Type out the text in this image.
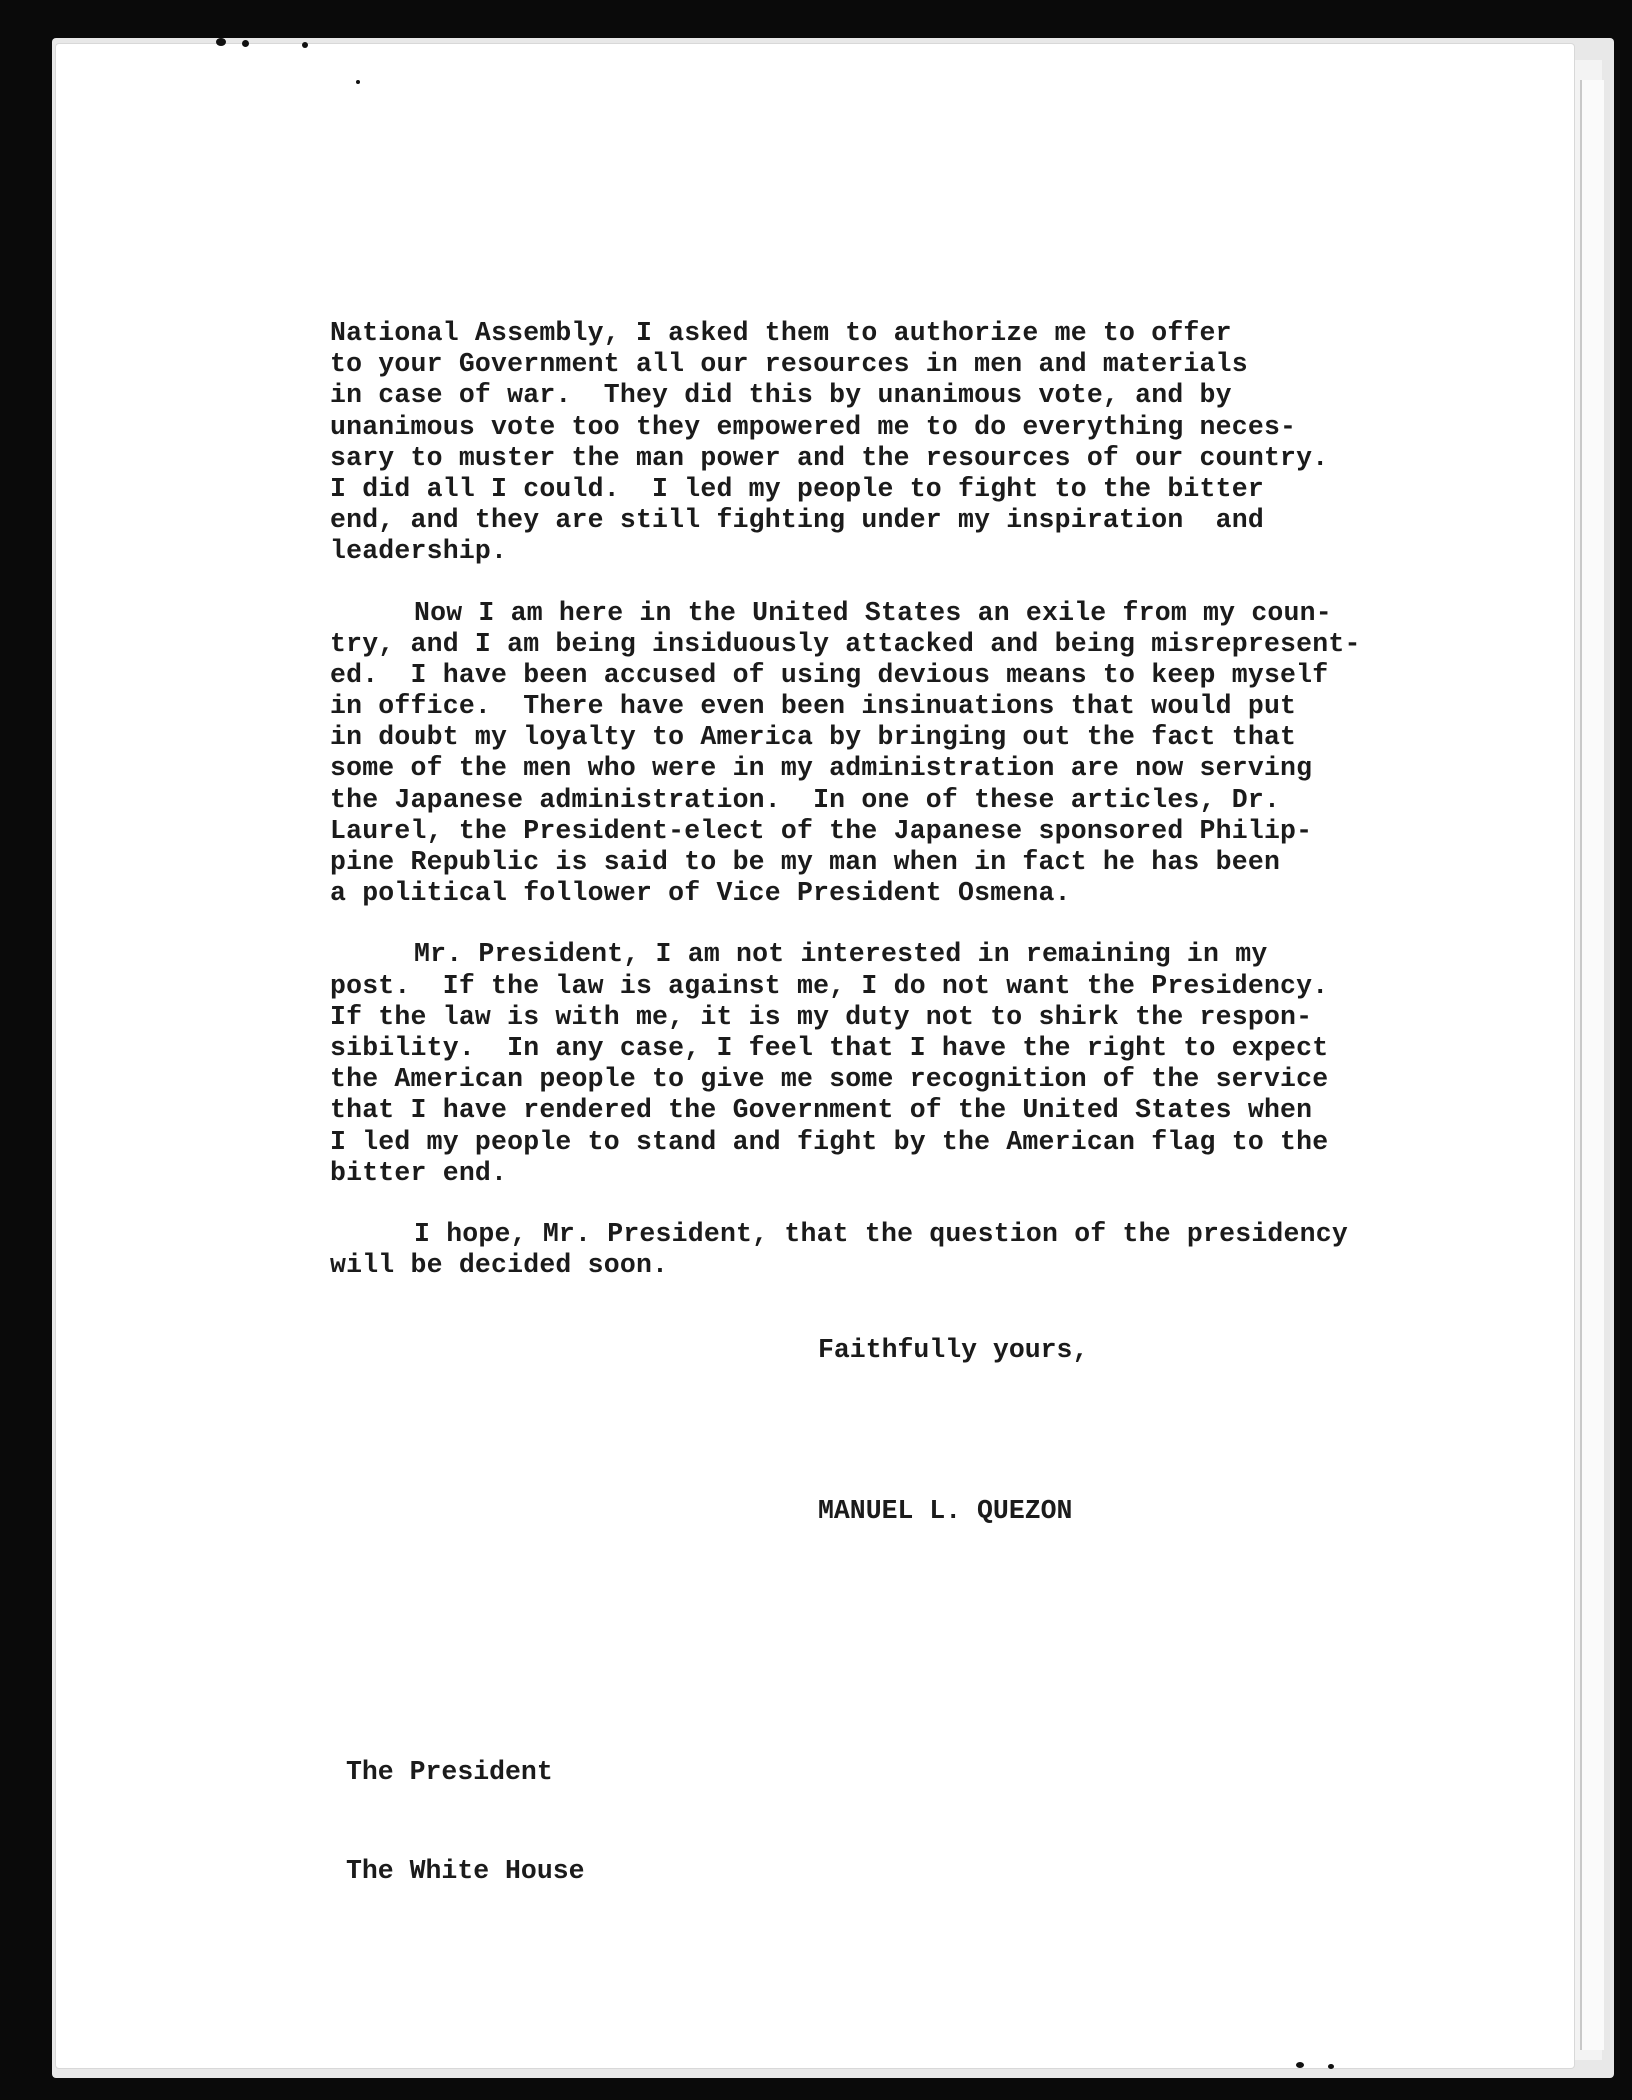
National Assembly, I asked them to authorize me to offer
to your Government all our resources in men and materials
in case of war.  They did this by unanimous vote, and by
unanimous vote too they empowered me to do everything neces-
sary to muster the man power and the resources of our country.
I did all I could.  I led my people to fight to the bitter
end, and they are still fighting under my inspiration  and
leadership.
Now I am here in the United States an exile from my coun-
try, and I am being insiduously attacked and being misrepresent-
ed.  I have been accused of using devious means to keep myself
in office.  There have even been insinuations that would put
in doubt my loyalty to America by bringing out the fact that
some of the men who were in my administration are now serving
the Japanese administration.  In one of these articles, Dr.
Laurel, the President-elect of the Japanese sponsored Philip-
pine Republic is said to be my man when in fact he has been
a political follower of Vice President Osmena.
Mr. President, I am not interested in remaining in my
post.  If the law is against me, I do not want the Presidency.
If the law is with me, it is my duty not to shirk the respon-
sibility.  In any case, I feel that I have the right to expect
the American people to give me some recognition of the service
that I have rendered the Government of the United States when
I led my people to stand and fight by the American flag to the
bitter end.
I hope, Mr. President, that the question of the presidency
will be decided soon.
Faithfully yours,
MANUEL L. QUEZON

The President

The White House
